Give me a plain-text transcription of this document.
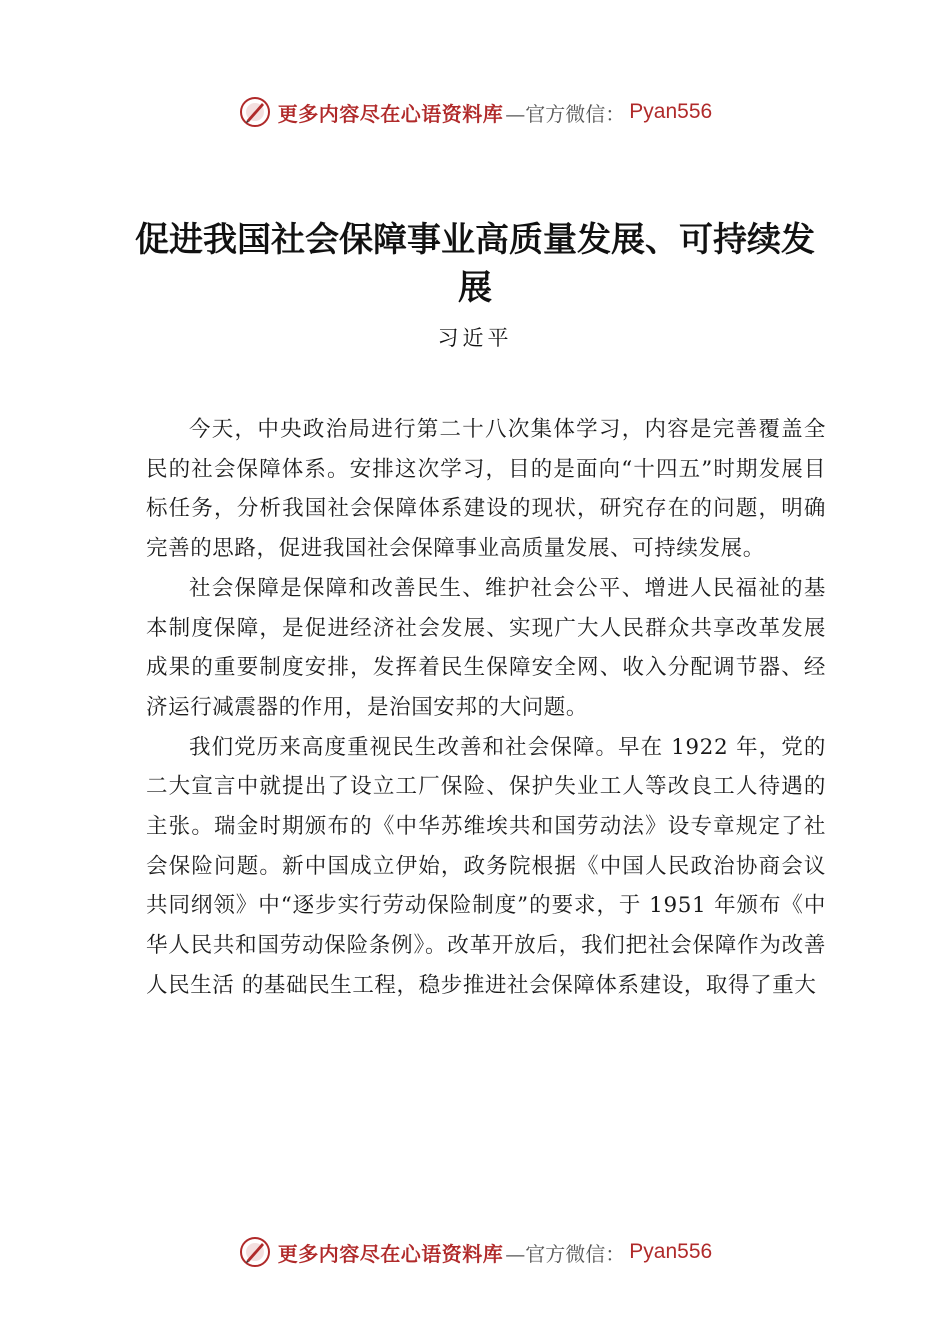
更多内容尽在心语资料库 —官方微信： Pyan556
促进我国社会保障事业高质量发展、可持续发展
习近平

今天，中央政治局进行第二十八次集体学习，内容是完善覆盖全民的社会保障体系。安排这次学习，目的是面向“十四五”时期发展目标任务，分析我国社会保障体系建设的现状，研究存在的问题，明确完善的思路，促进我国社会保障事业高质量发展、可持续发展。

社会保障是保障和改善民生、维护社会公平、增进人民福祉的基本制度保障，是促进经济社会发展、实现广大人民群众共享改革发展成果的重要制度安排，发挥着民生保障安全网、收入分配调节器、经济运行减震器的作用，是治国安邦的大问题。

我们党历来高度重视民生改善和社会保障。早在 1922 年，党的二大宣言中就提出了设立工厂保险、保护失业工人等改良工人待遇的主张。瑞金时期颁布的《中华苏维埃共和国劳动法》设专章规定了社会保险问题。新中国成立伊始，政务院根据《中国人民政治协商会议共同纲领》中“逐步实行劳动保险制度”的要求，于 1951 年颁布《中华人民共和国劳动保险条例》。改革开放后，我们把社会保障作为改善人民生活 的基础民生工程，稳步推进社会保障体系建设，取得了重大

更多内容尽在心语资料库 —官方微信： Pyan556
